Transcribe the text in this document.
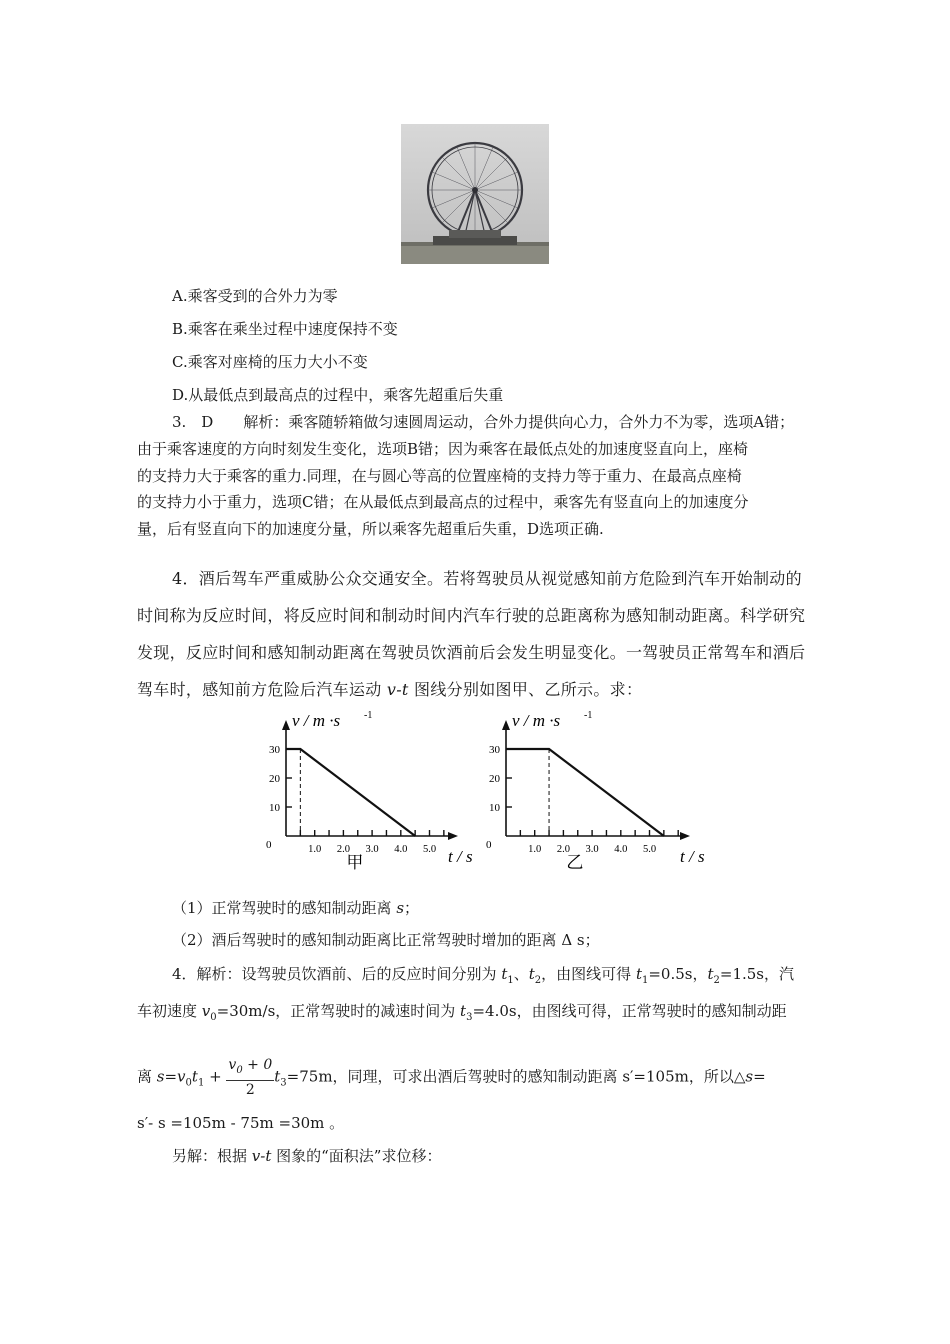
A.乘客受到的合外力为零
B.乘客在乘坐过程中速度保持不变
C.乘客对座椅的压力大小不变
D.从最低点到最高点的过程中，乘客先超重后失重
3.　D　　解析：乘客随轿箱做匀速圆周运动，合外力提供向心力，合外力不为零，选项A错；
由于乘客速度的方向时刻发生变化，选项B错；因为乘客在最低点处的加速度竖直向上，座椅
的支持力大于乘客的重力.同理，在与圆心等高的位置座椅的支持力等于重力、在最高点座椅
的支持力小于重力，选项C错；在从最低点到最高点的过程中，乘客先有竖直向上的加速度分
量，后有竖直向下的加速度分量，所以乘客先超重后失重，D选项正确.
4．酒后驾车严重威胁公众交通安全。若将驾驶员从视觉感知前方危险到汽车开始制动的
时间称为反应时间，将反应时间和制动时间内汽车行驶的总距离称为感知制动距离。科学研究
发现，反应时间和感知制动距离在驾驶员饮酒前后会发生明显变化。一驾驶员正常驾车和酒后
驾车时，感知前方危险后汽车运动 v-t 图线分别如图甲、乙所示。求：
1.0 2.0 3.0 4.0 5.0
10
20
30
0
v / m ·s -1
t / s
甲
1.0 2.0 3.0 4.0 5.0
10
20
30
0
v / m ·s -1
t / s
乙
（1）正常驾驶时的感知制动距离 s；
（2）酒后驾驶时的感知制动距离比正常驾驶时增加的距离 Δ s；
4．解析：设驾驶员饮酒前、后的反应时间分别为 $t_1$、$t_2$，由图线可得 $t_1=0.5s$，$t_2=1.5s$，汽
车初速度 $v_0=30m/s$，正常驾驶时的减速时间为 $t_3=4.0s$，由图线可得，正常驾驶时的感知制动距
离 $s=v_0t_1 + \frac{v_0 + 0}{2} t_3=75m$，同理，可求出酒后驾驶时的感知制动距离 s′=105m，所以△s=
s′- s =105m - 75m =30m 。
另解：根据 v-t 图象的“面积法”求位移：
